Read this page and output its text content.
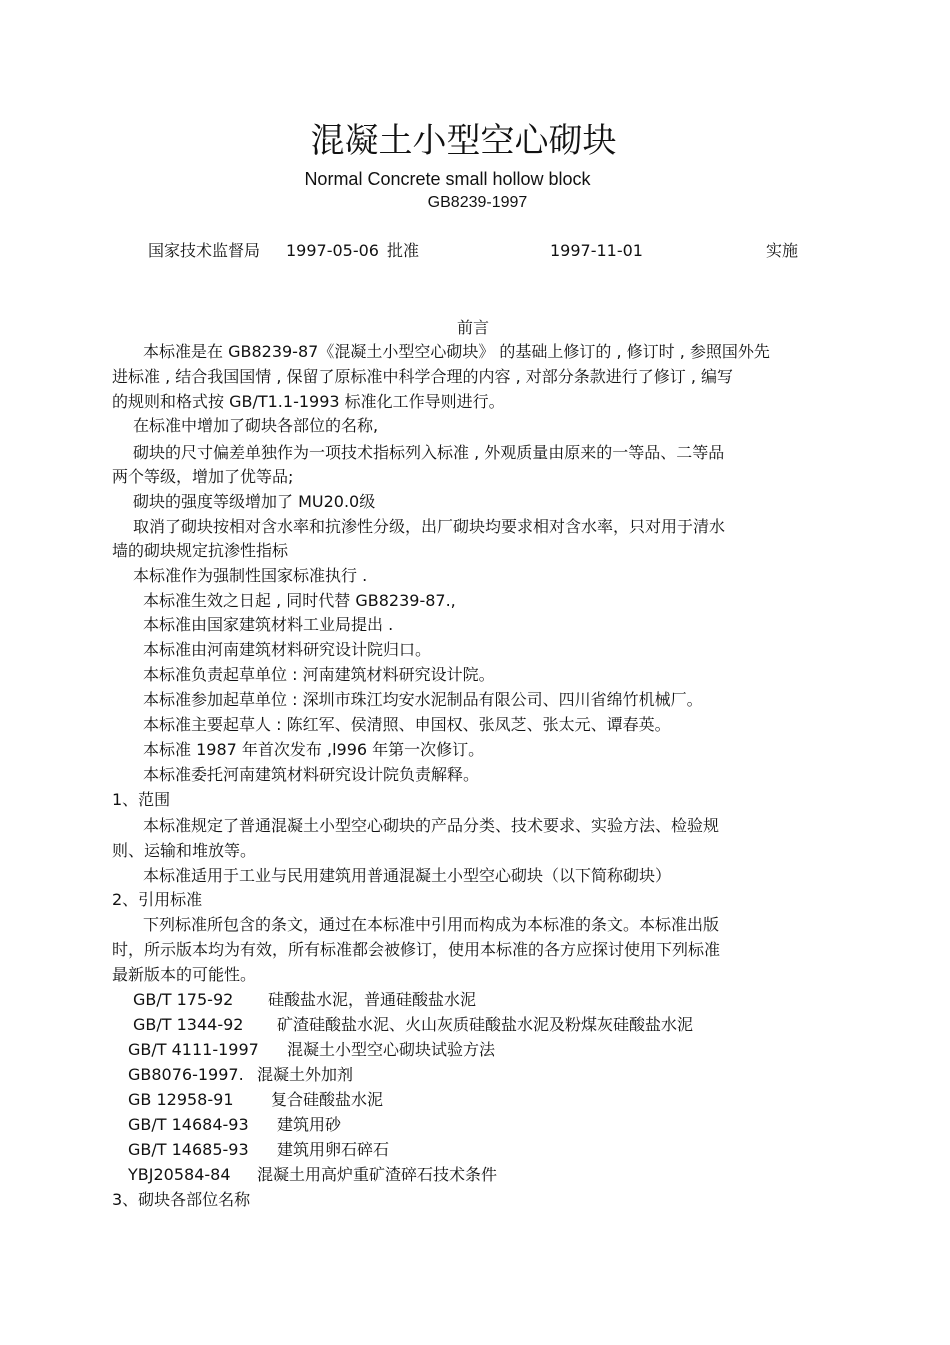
混凝土小型空心砌块
Normal Concrete small hollow block
GB8239-1997
国家技术监督局 1997-05-06 批准	1997-11-01	实施
前言
本标准是在 GB8239-87《混凝土小型空心砌块》 的基础上修订的 , 修订时 , 参照国外先
进标准 , 结合我国国情 , 保留了原标准中科学合理的内容 , 对部分条款进行了修订 , 编写
的规则和格式按 GB/T1.1-1993 标准化工作导则进行。
在标准中增加了砌块各部位的名称,
砌块的尺寸偏差单独作为一项技术指标列入标准 , 外观质量由原来的一等品、二等品
两个等级，增加了优等品;
砌块的强度等级增加了 MU20.0级
取消了砌块按相对含水率和抗渗性分级，出厂砌块均要求相对含水率，只对用于清水
墙的砌块规定抗渗性指标
本标准作为强制性国家标准执行 .
本标准生效之日起 , 同时代替 GB8239-87.,
本标准由国家建筑材料工业局提出 .
本标准由河南建筑材料研究设计院归口。
本标准负责起草单位 : 河南建筑材料研究设计院。
本标准参加起草单位 : 深圳市珠江均安水泥制品有限公司、四川省绵竹机械厂。
本标准主要起草人 : 陈红军、侯清照、申国权、张凤芝、张太元、谭春英。
本标准 1987 年首次发布 ,l996 年第一次修订。
本标准委托河南建筑材料研究设计院负责解释。
1、范围
本标准规定了普通混凝土小型空心砌块的产品分类、技术要求、实验方法、检验规
则、运输和堆放等。
本标准适用于工业与民用建筑用普通混凝土小型空心砌块（以下简称砌块）
2、引用标准
下列标准所包含的条文，通过在本标准中引用而构成为本标准的条文。本标准出版
时，所示版本均为有效，所有标准都会被修订，使用本标准的各方应探讨使用下列标准
最新版本的可能性。
GB/T 175-92 硅酸盐水泥，普通硅酸盐水泥
GB/T 1344-92 矿渣硅酸盐水泥、火山灰质硅酸盐水泥及粉煤灰硅酸盐水泥
GB/T 4111-1997 混凝土小型空心砌块试验方法
GB8076-1997. 混凝土外加剂
GB 12958-91 复合硅酸盐水泥
GB/T 14684-93 建筑用砂
GB/T 14685-93 建筑用卵石碎石
YBJ20584-84 混凝土用高炉重矿渣碎石技术条件
3、砌块各部位名称
